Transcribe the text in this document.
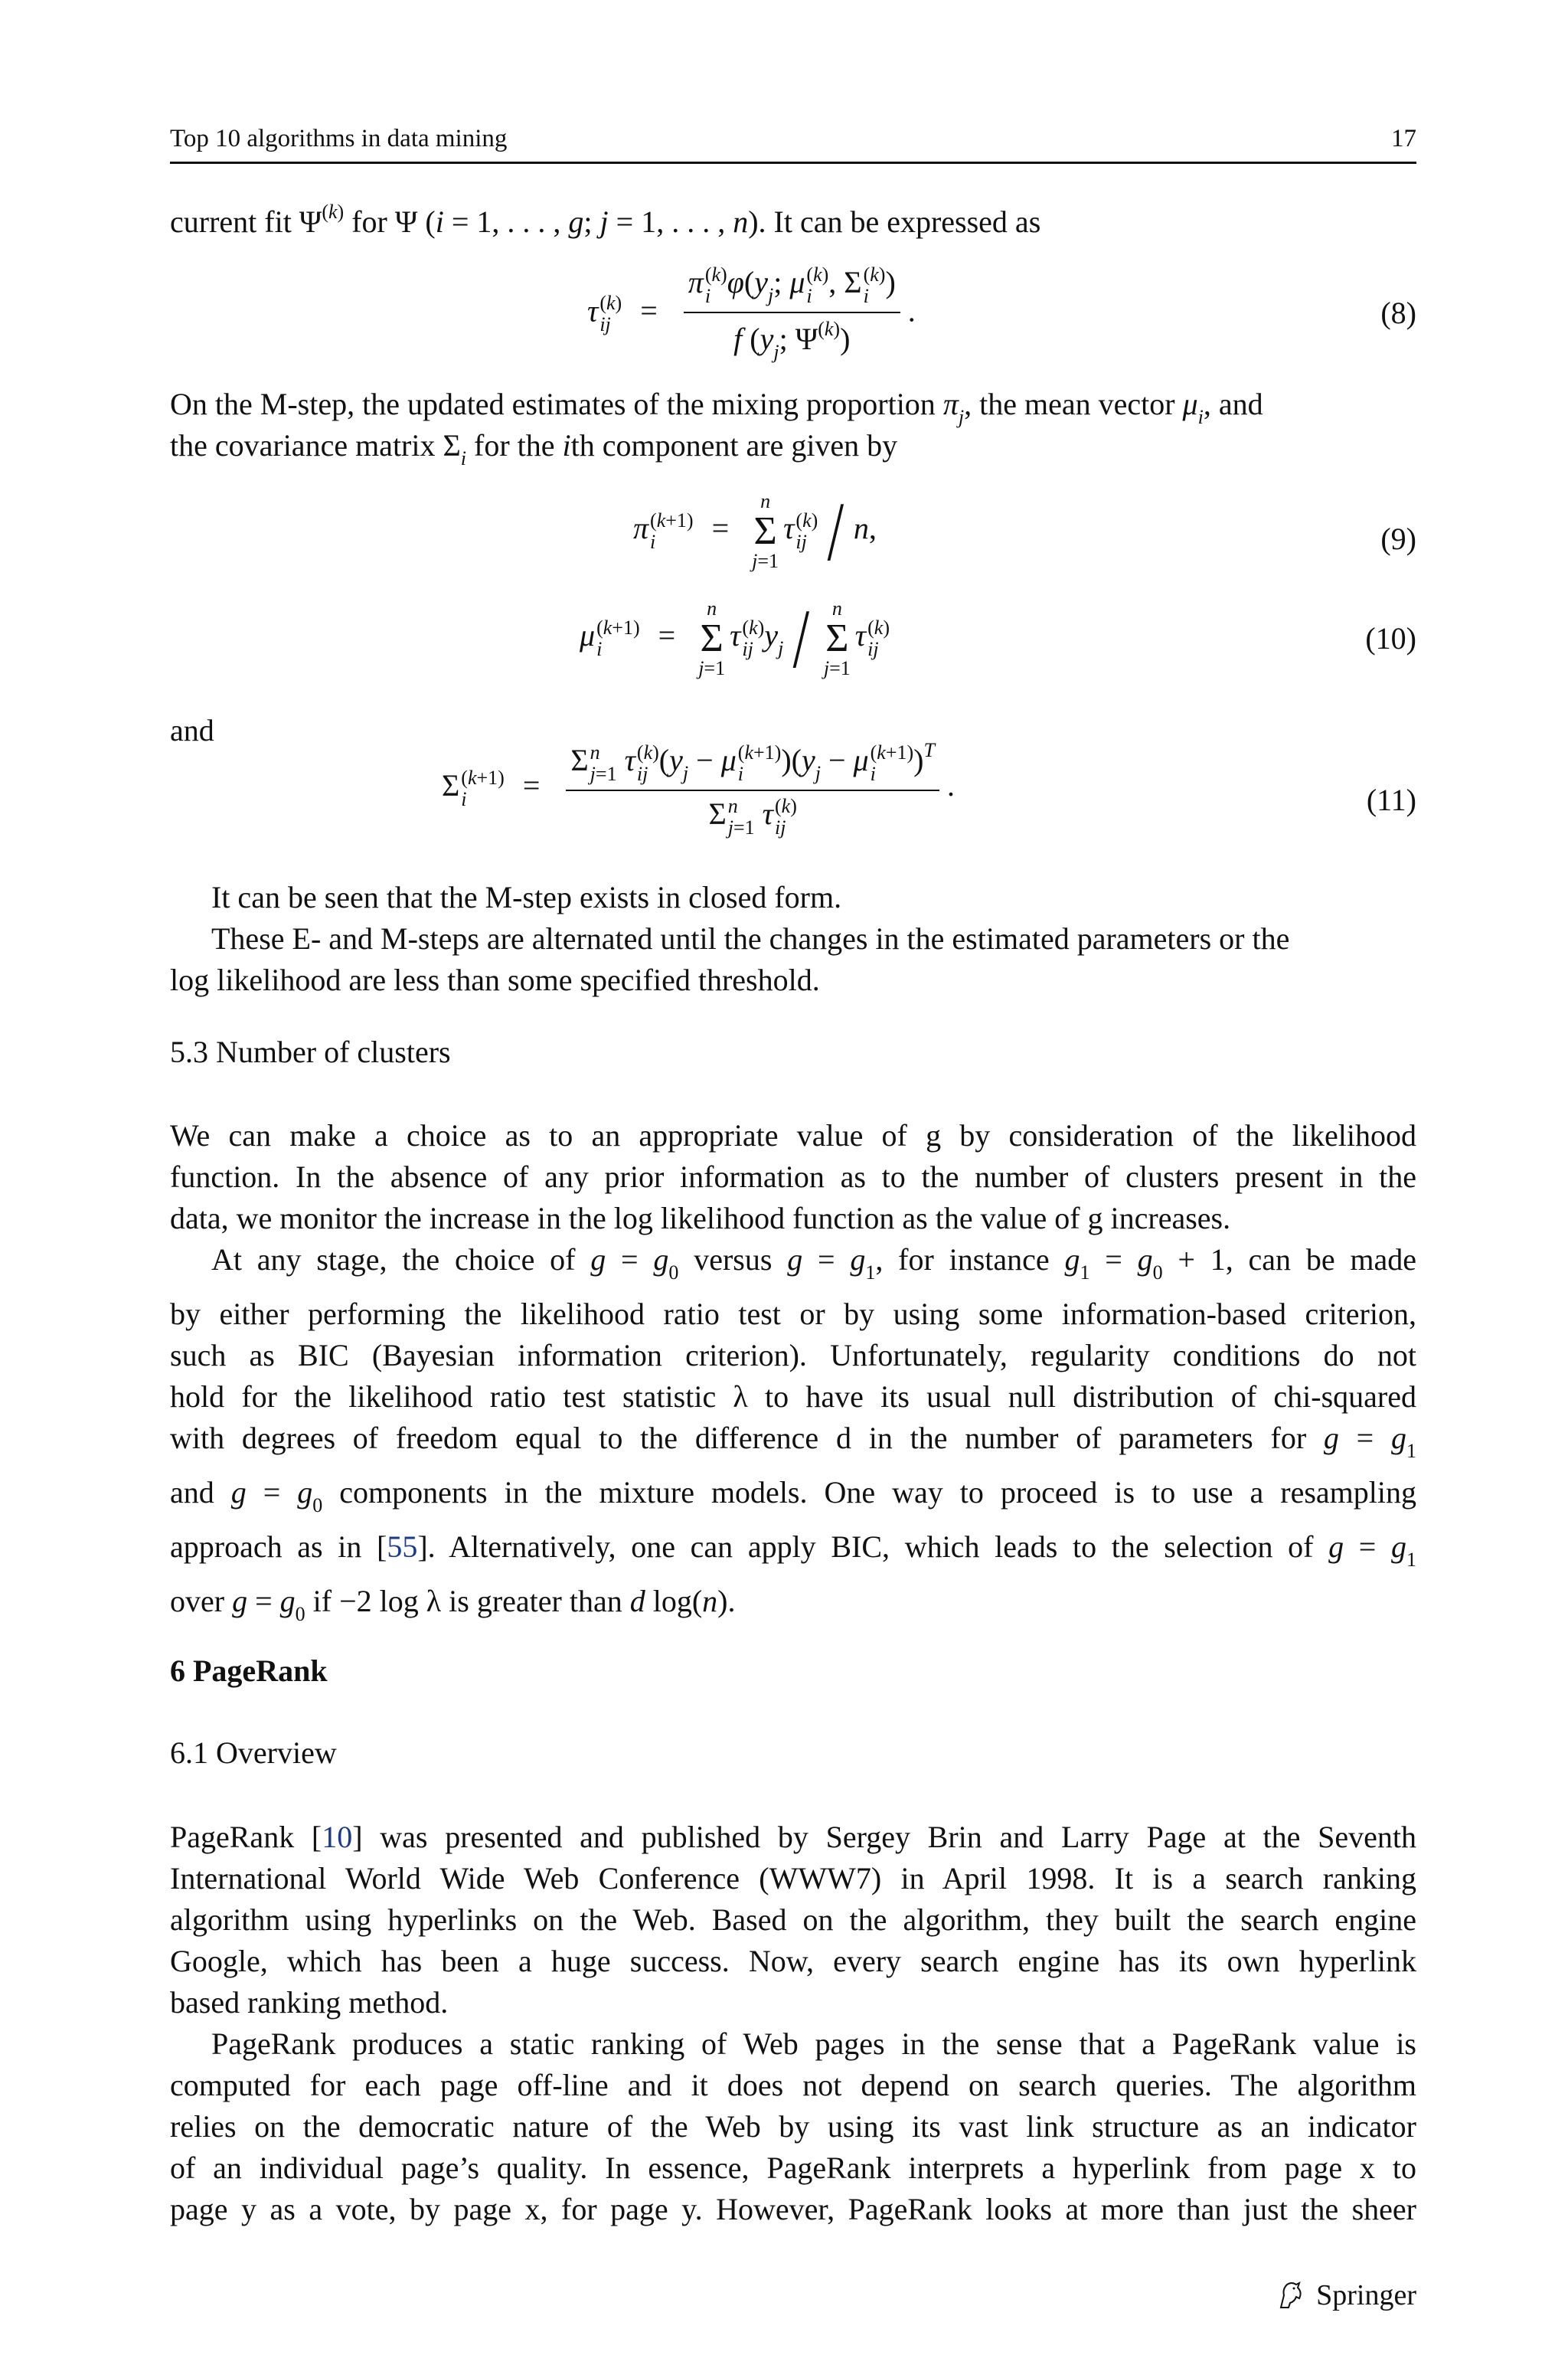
Top 10 algorithms in data mining	17
current fit $\Psi^{(k)}$ for Ψ (i = 1, . . . , g; j = 1, . . . , n). It can be expressed as
τ (k)
ij = π (k)
i $\varphi(y_j$; μ (k)
i , Σ (k)
i )
f ($y_j$; $\Psi^{(k)}$) .	(8)
On the M-step, the updated estimates of the mixing proportion $\pi_j$, the mean vector $\mu_i$, and
the covariance matrix $\Sigma_i$ for the ith component are given by
π (k+1)
i	=
n
Σ
j=1
τ (k)
ij / n,	(9)
μ (k+1)
i	=
n
Σ
j=1
τ (k)
ij $y_j$ / n
Σ
j=1
τ (k)
ij	(10)
and
Σ (k+1)
i	= Σ n
j=1 τ (k)
ij ($y_j - \mu$ (k+1)
i	)($y_j - \mu$ (k+1)
i	)$^T$
Σ n
j=1 τ (k)
ij .	(11)

It can be seen that the M-step exists in closed form.

These E- and M-steps are alternated until the changes in the estimated parameters or the

log likelihood are less than some specified threshold.

5.3 Number of clusters

We can make a choice as to an appropriate value of g by consideration of the likelihood

function. In the absence of any prior information as to the number of clusters present in the

data, we monitor the increase in the log likelihood function as the value of g increases.

At any stage, the choice of $g = g_0$ versus $g = g_1$, for instance $g_1 = g_0 + 1$, can be made

by either performing the likelihood ratio test or by using some information-based criterion,

such as BIC (Bayesian information criterion). Unfortunately, regularity conditions do not

hold for the likelihood ratio test statistic λ to have its usual null distribution of chi-squared

with degrees of freedom equal to the difference d in the number of parameters for $g = g_1$

and $g = g_0$ components in the mixture models. One way to proceed is to use a resampling

approach as in [55]. Alternatively, one can apply BIC, which leads to the selection of $g = g_1$

over $g = g_0$ if −2 log λ is greater than d log(n).

6 PageRank
6.1 Overview

PageRank [10] was presented and published by Sergey Brin and Larry Page at the Seventh

International World Wide Web Conference (WWW7) in April 1998. It is a search ranking

algorithm using hyperlinks on the Web. Based on the algorithm, they built the search engine

Google, which has been a huge success. Now, every search engine has its own hyperlink

based ranking method.

PageRank produces a static ranking of Web pages in the sense that a PageRank value is

computed for each page off-line and it does not depend on search queries. The algorithm

relies on the democratic nature of the Web by using its vast link structure as an indicator

of an individual page’s quality. In essence, PageRank interprets a hyperlink from page x to

page y as a vote, by page x, for page y. However, PageRank looks at more than just the sheer

Springer
